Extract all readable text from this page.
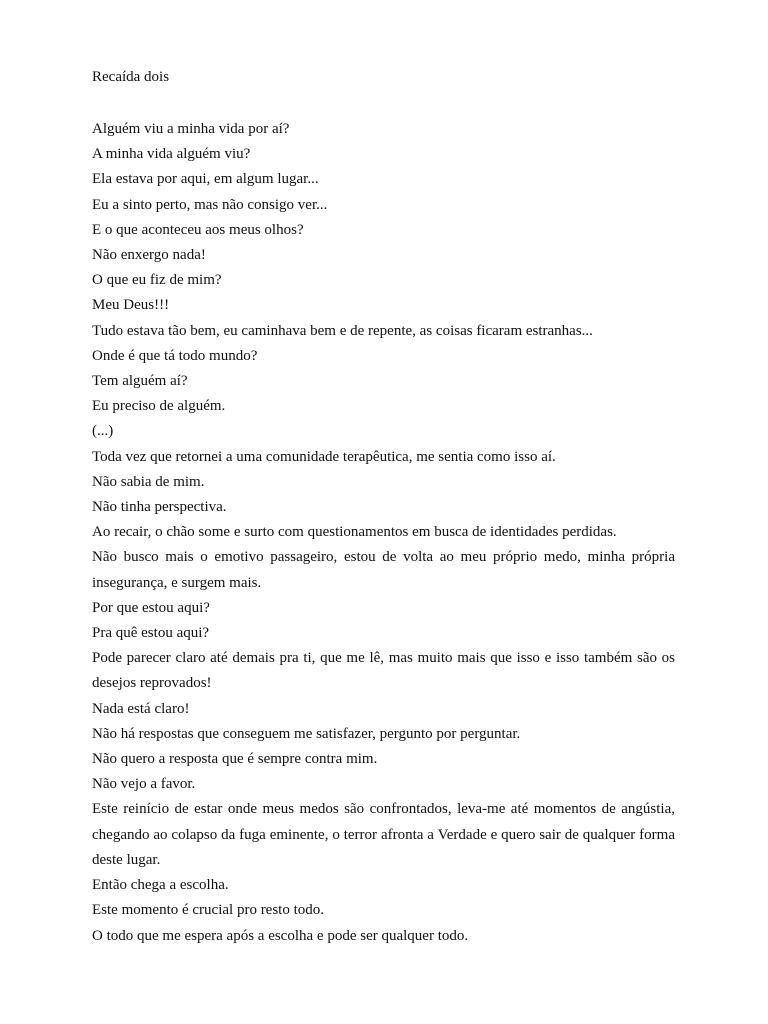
Recaída dois

Alguém viu a minha vida por aí?

A minha vida alguém viu?

Ela estava por aqui, em algum lugar...

Eu a sinto perto, mas não consigo ver...

E o que aconteceu aos meus olhos?

Não enxergo nada!

O que eu fiz de mim?

Meu Deus!!!

Tudo estava tão bem, eu caminhava bem e de repente, as coisas ficaram estranhas...

Onde é que tá todo mundo?

Tem alguém aí?

Eu preciso de alguém.

(...)

Toda vez que retornei a uma comunidade terapêutica, me sentia como isso aí.

Não sabia de mim.

Não tinha perspectiva.

Ao recair, o chão some e surto com questionamentos em busca de identidades perdidas.

Não busco mais o emotivo passageiro, estou de volta ao meu próprio medo, minha própria insegurança, e surgem mais.

Por que estou aqui?

Pra quê estou aqui?

Pode parecer claro até demais pra ti, que me lê, mas muito mais que isso e isso também são os desejos reprovados!

Nada está claro!

Não há respostas que conseguem me satisfazer, pergunto por perguntar.

Não quero a resposta que é sempre contra mim.

Não vejo a favor.

Este reinício de estar onde meus medos são confrontados, leva-me até momentos de angústia, chegando ao colapso da fuga eminente, o terror afronta a Verdade e quero sair de qualquer forma deste lugar.

Então chega a escolha.

Este momento é crucial pro resto todo.

O todo que me espera após a escolha e pode ser qualquer todo.
